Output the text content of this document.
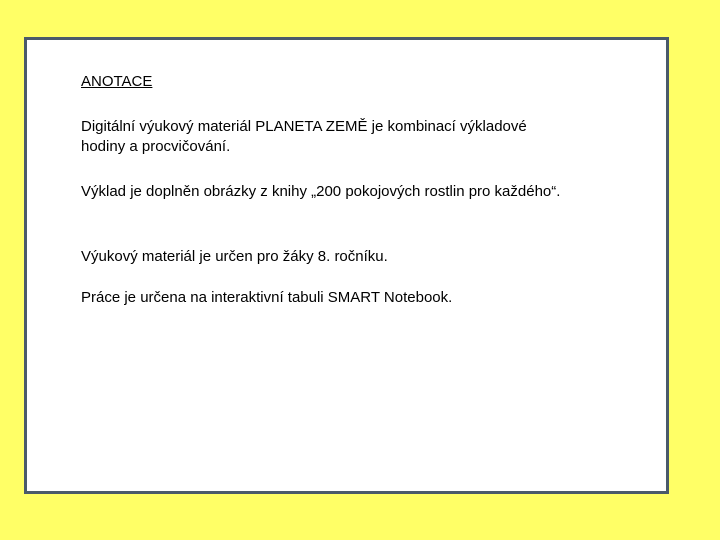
ANOTACE
Digitální výukový materiál PLANETA ZEMĚ je kombinací výkladové
hodiny a procvičování.
Výklad je doplněn obrázky z knihy „200 pokojových rostlin pro každého“.
Výukový materiál je určen pro žáky 8. ročníku.
Práce je určena na interaktivní tabuli SMART Notebook.
